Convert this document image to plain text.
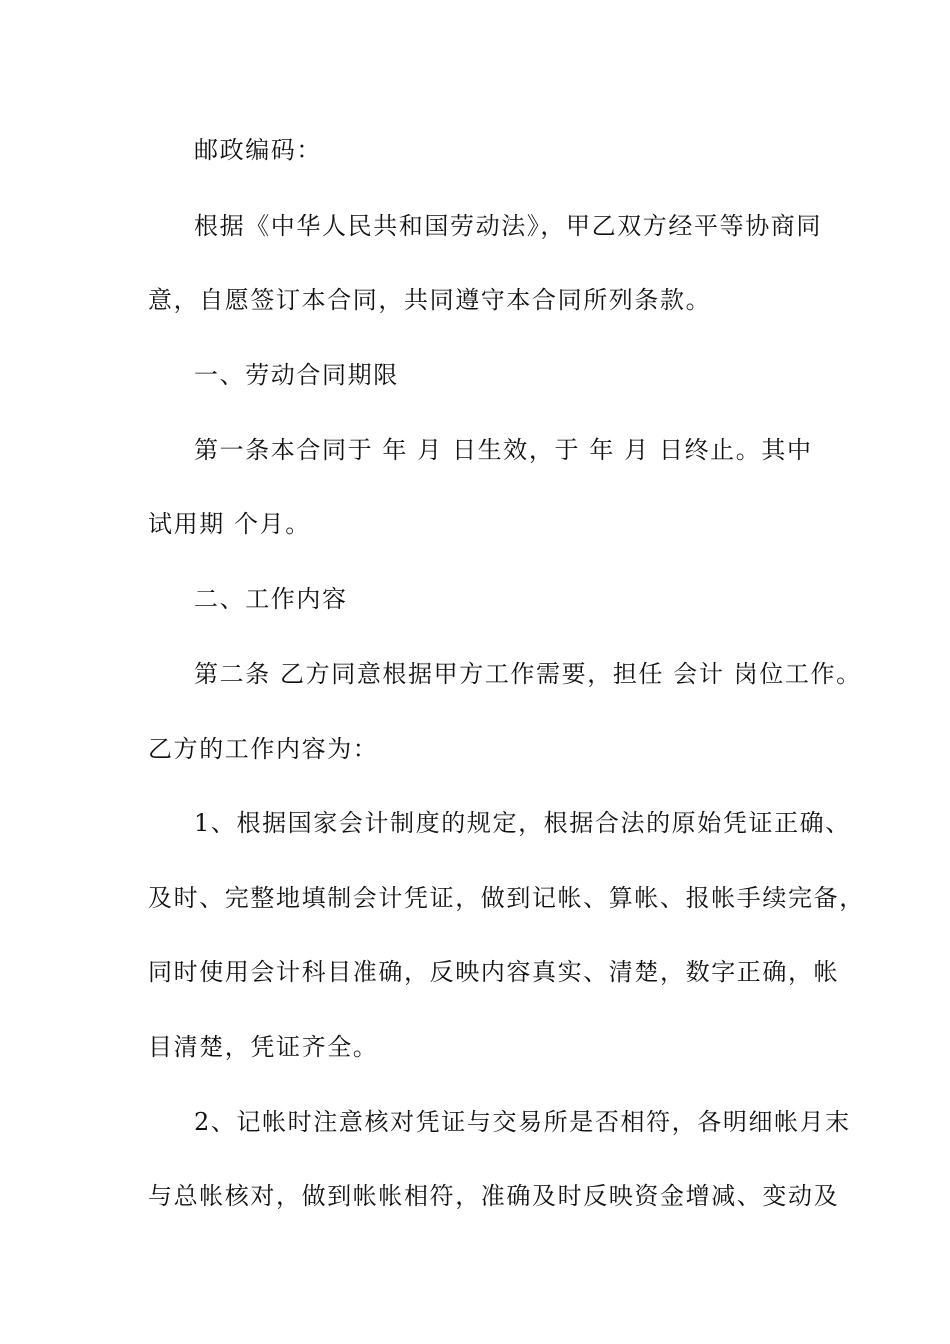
邮政编码：
根据《中华人民共和国劳动法》，甲乙双方经平等协商同
意，自愿签订本合同，共同遵守本合同所列条款。
一、劳动合同期限
第一条本合同于 年 月 日生效，于 年 月 日终止。其中
试用期 个月。
二、工作内容
第二条 乙方同意根据甲方工作需要，担任 会计 岗位工作。
乙方的工作内容为：
1、根据国家会计制度的规定，根据合法的原始凭证正确、
及时、完整地填制会计凭证，做到记帐、算帐、报帐手续完备，
同时使用会计科目准确，反映内容真实、清楚，数字正确，帐
目清楚，凭证齐全。
2、记帐时注意核对凭证与交易所是否相符，各明细帐月末
与总帐核对，做到帐帐相符，准确及时反映资金增减、变动及
